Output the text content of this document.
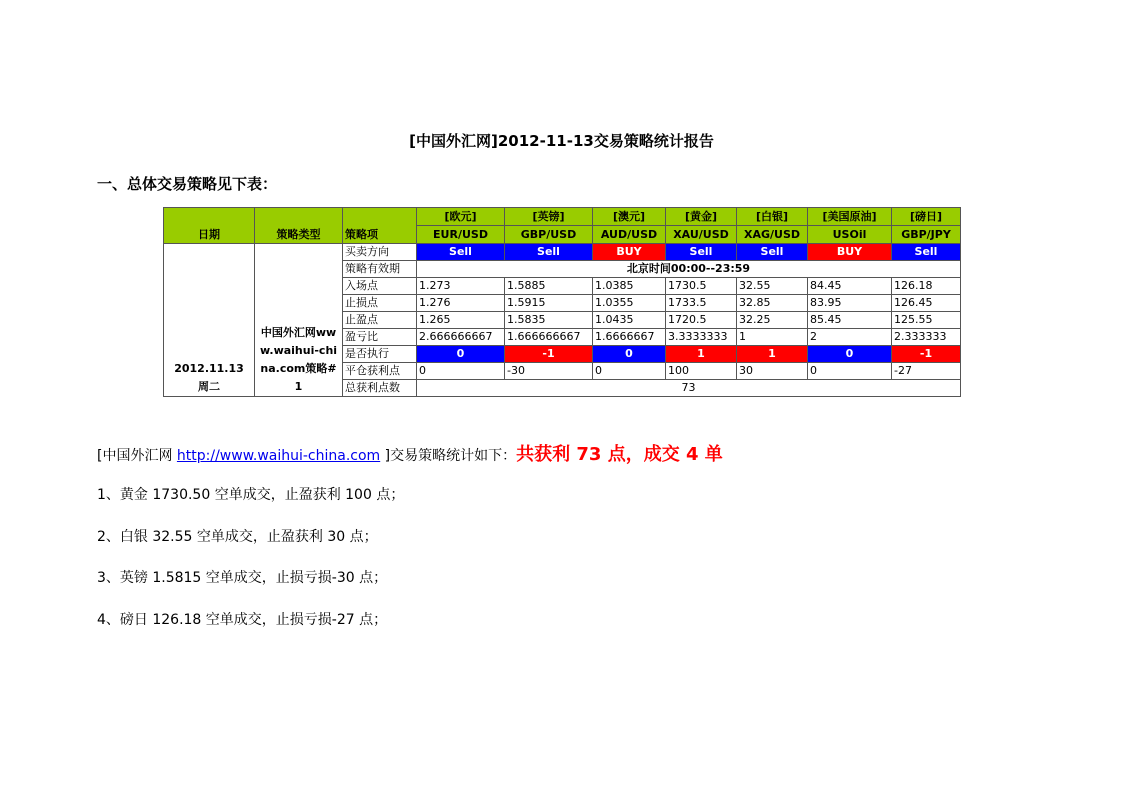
[中国外汇网]2012-11-13交易策略统计报告
一、总体交易策略见下表：
日期	策略类型	策略项	[欧元]	[英镑]	[澳元]	[黄金]	[白银]	[美国原油]	[磅日]
			EUR/USD	GBP/USD	AUD/USD	XAU/USD	XAG/USD	USOil	GBP/JPY

2012.11.13
周二	中国外汇网www.waihui-china.com策略#1	买卖方向	Sell	Sell	BUY	Sell	Sell	BUY	Sell
		策略有效期	北京时间00:00--23:59						
		入场点	1.273	1.5885	1.0385	1730.5	32.55	84.45	126.18
		止损点	1.276	1.5915	1.0355	1733.5	32.85	83.95	126.45
		止盈点	1.265	1.5835	1.0435	1720.5	32.25	85.45	125.55
		盈亏比	2.666666667	1.666666667	1.6666667	3.3333333	1	2	2.333333
		是否执行	0	-1	0	1	1	0	-1
		平仓获利点	0	-30	0	100	30	0	-27
		总获利点数	73						
[中国外汇网 http://www.waihui-china.com ]交易策略统计如下：共获利 73 点，成交 4 单
1、黄金 1730.50 空单成交，止盈获利 100 点；
2、白银 32.55 空单成交，止盈获利 30 点；
3、英镑 1.5815 空单成交，止损亏损-30 点；
4、磅日 126.18 空单成交，止损亏损-27 点；
